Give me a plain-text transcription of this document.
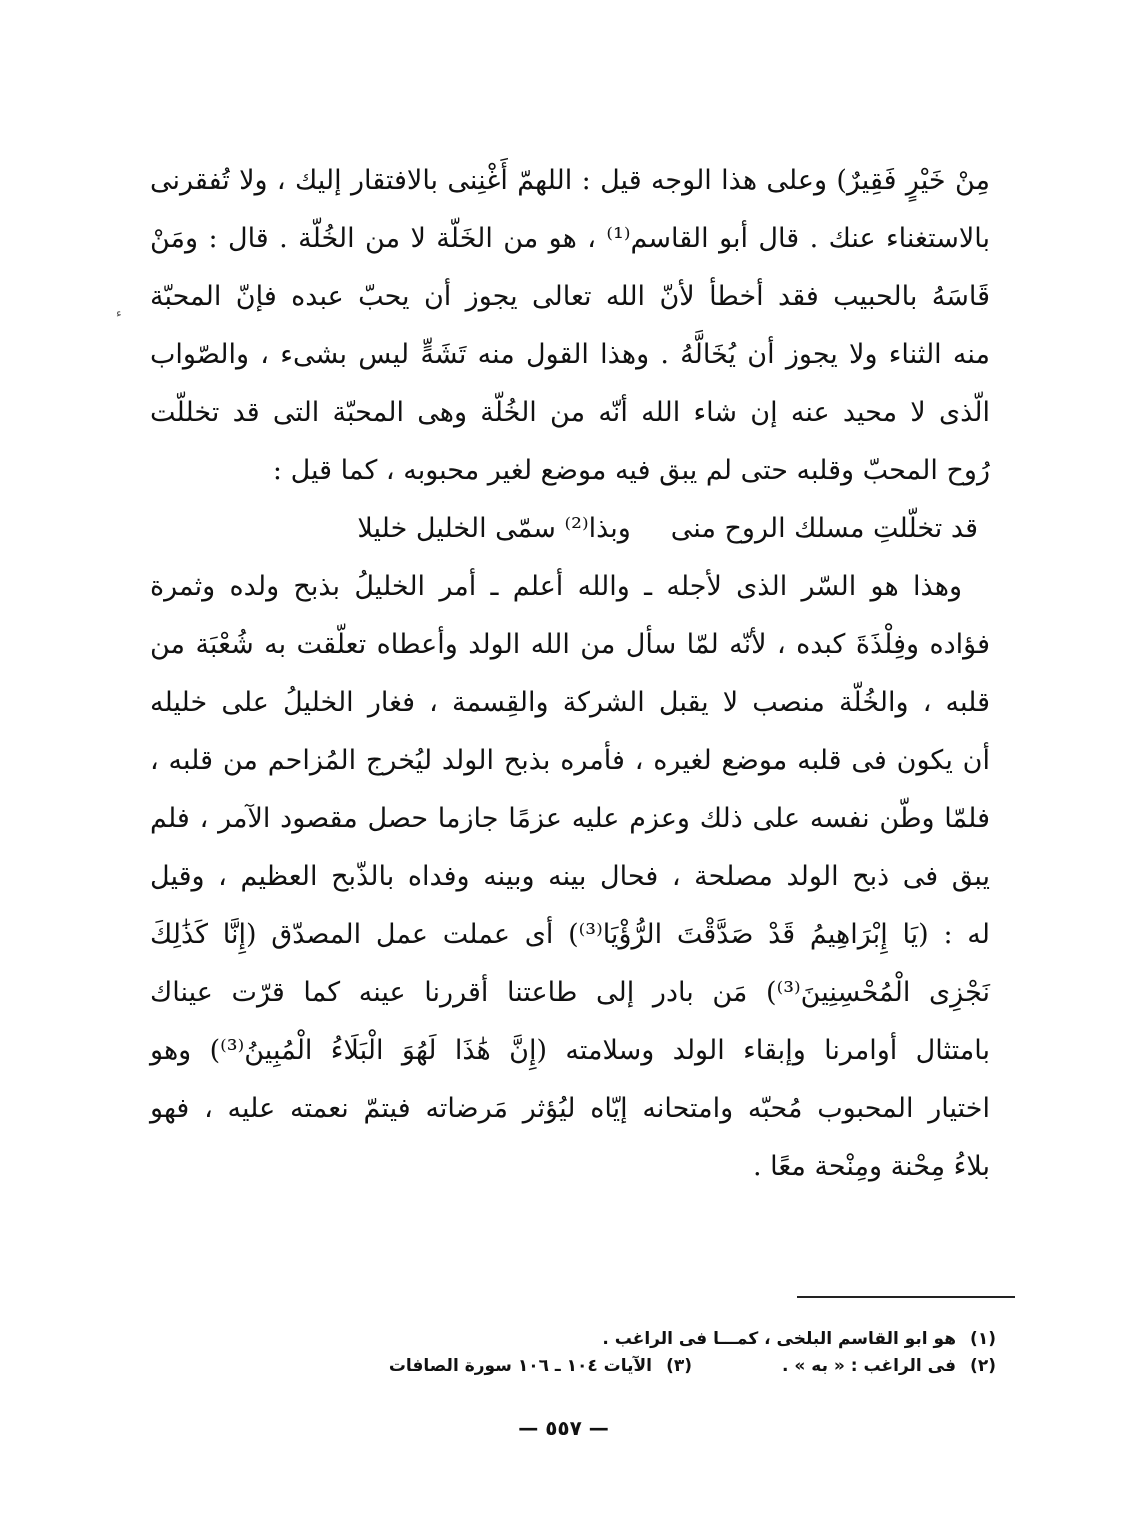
ء
مِنْ خَيْرٍ فَقِيرٌ) وعلى هذا الوجه قيل : اللهمّ أَغْنِنى بالافتقار إليك ، ولا تُفقرنى
بالاستغناء عنك . قال أبو القاسم⁽¹⁾ ، هو من الخَلّة لا من الخُلّة . قال : ومَنْ
قَاسَهُ بالحبيب فقد أخطأ لأنّ الله تعالى يجوز أن يحبّ عبده فإنّ المحبّة
منه الثناء ولا يجوز أن يُخَالَّهُ . وهذا القول منه تَشَهٍّ ليس بشىء ، والصّواب
الّذى لا محيد عنه إن شاء الله أنّه من الخُلّة وهى المحبّة التى قد تخللّت
رُوح المحبّ وقلبه حتى لم يبق فيه موضع لغير محبوبه ، كما قيل :
قد تخلّلتِ مسلك الروح منى
وبذا⁽²⁾ سمّى الخليل خليلا
وهذا هو السّر الذى لأجله ـ والله أعلم ـ أمر الخليلُ بذبح ولده وثمرة
فؤاده وفِلْذَةَ كبده ، لأنّه لمّا سأل من الله الولد وأعطاه تعلّقت به شُعْبَة من
قلبه ، والخُلّة منصب لا يقبل الشركة والقِسمة ، فغار الخليلُ على خليله
أن يكون فى قلبه موضع لغيره ، فأمره بذبح الولد ليُخرج المُزاحم من قلبه ،
فلمّا وطّن نفسه على ذلك وعزم عليه عزمًا جازما حصل مقصود الآمر ، فلم
يبق فى ذبح الولد مصلحة ، فحال بينه وبينه وفداه بالذّبح العظيم ، وقيل
له : (يَا إِبْرَاهِيمُ قَدْ صَدَّقْتَ الرُّؤْيَا⁽³⁾) أى عملت عمل المصدّق (إِنَّا كَذَٰلِكَ
نَجْزِى الْمُحْسِنِينَ⁽³⁾) مَن بادر إلى طاعتنا أقررنا عينه كما قرّت عيناك
بامتثال أوامرنا وإبقاء الولد وسلامته (إِنَّ هَٰذَا لَهُوَ الْبَلَاءُ الْمُبِينُ⁽³⁾) وهو
اختيار المحبوب مُحبّه وامتحانه إيّاه ليُؤثر مَرضاته فيتمّ نعمته عليه ، فهو
بلاءُ مِحْنة ومِنْحة معًا .
(١)
هو ابو القاسم البلخى ، كمـــا فى الراغب .
(٢)
فى الراغب : « به » .
(٣)
الآيات ١٠٤ ـ ١٠٦ سورة الصافات
— ٥٥٧ —
